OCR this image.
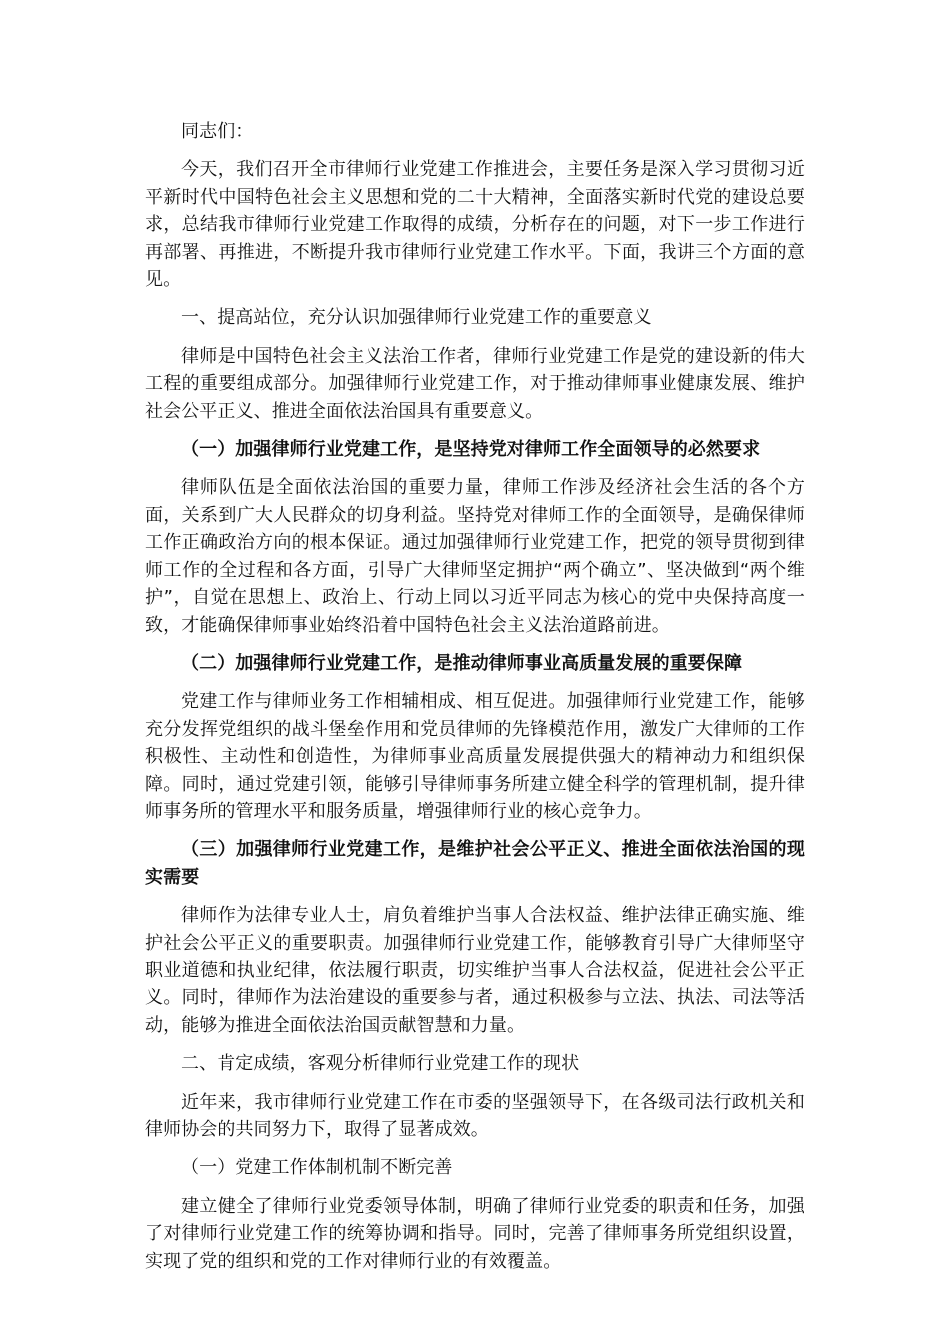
同志们：

今天，我们召开全市律师行业党建工作推进会，主要任务是深入学习贯彻习近平新时代中国特色社会主义思想和党的二十大精神，全面落实新时代党的建设总要求，总结我市律师行业党建工作取得的成绩，分析存在的问题，对下一步工作进行再部署、再推进，不断提升我市律师行业党建工作水平。下面，我讲三个方面的意见。

一、提高站位，充分认识加强律师行业党建工作的重要意义

律师是中国特色社会主义法治工作者，律师行业党建工作是党的建设新的伟大工程的重要组成部分。加强律师行业党建工作，对于推动律师事业健康发展、维护社会公平正义、推进全面依法治国具有重要意义。

（一）加强律师行业党建工作，是坚持党对律师工作全面领导的必然要求

律师队伍是全面依法治国的重要力量，律师工作涉及经济社会生活的各个方面，关系到广大人民群众的切身利益。坚持党对律师工作的全面领导，是确保律师工作正确政治方向的根本保证。通过加强律师行业党建工作，把党的领导贯彻到律师工作的全过程和各方面，引导广大律师坚定拥护“两个确立”、坚决做到“两个维护”，自觉在思想上、政治上、行动上同以习近平同志为核心的党中央保持高度一致，才能确保律师事业始终沿着中国特色社会主义法治道路前进。

（二）加强律师行业党建工作，是推动律师事业高质量发展的重要保障

党建工作与律师业务工作相辅相成、相互促进。加强律师行业党建工作，能够充分发挥党组织的战斗堡垒作用和党员律师的先锋模范作用，激发广大律师的工作积极性、主动性和创造性，为律师事业高质量发展提供强大的精神动力和组织保障。同时，通过党建引领，能够引导律师事务所建立健全科学的管理机制，提升律师事务所的管理水平和服务质量，增强律师行业的核心竞争力。

（三）加强律师行业党建工作，是维护社会公平正义、推进全面依法治国的现实需要

律师作为法律专业人士，肩负着维护当事人合法权益、维护法律正确实施、维护社会公平正义的重要职责。加强律师行业党建工作，能够教育引导广大律师坚守职业道德和执业纪律，依法履行职责，切实维护当事人合法权益，促进社会公平正义。同时，律师作为法治建设的重要参与者，通过积极参与立法、执法、司法等活动，能够为推进全面依法治国贡献智慧和力量。

二、肯定成绩，客观分析律师行业党建工作的现状

近年来，我市律师行业党建工作在市委的坚强领导下，在各级司法行政机关和律师协会的共同努力下，取得了显著成效。

（一）党建工作体制机制不断完善

建立健全了律师行业党委领导体制，明确了律师行业党委的职责和任务，加强了对律师行业党建工作的统筹协调和指导。同时，完善了律师事务所党组织设置，实现了党的组织和党的工作对律师行业的有效覆盖。
